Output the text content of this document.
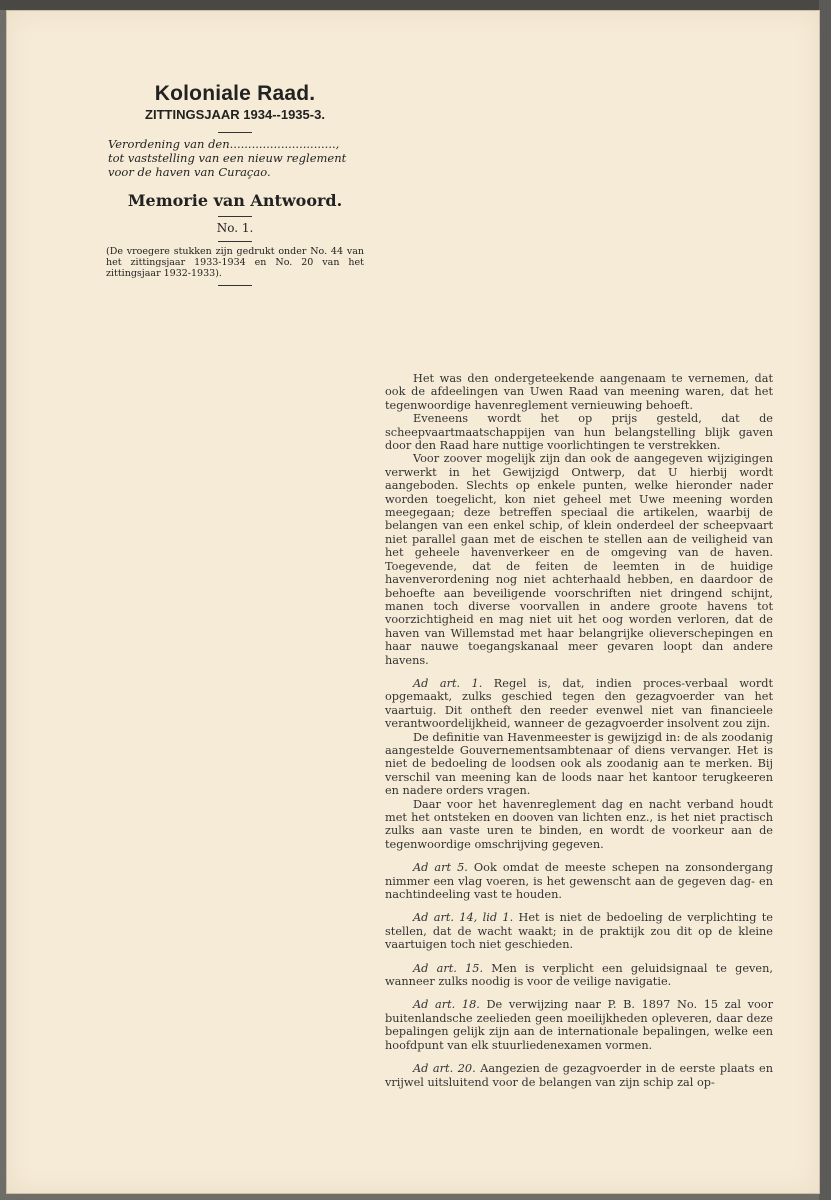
Koloniale Raad.
ZITTINGSJAAR 1934--1935-3.
Verordening van den.............................,
tot vaststelling van een nieuw reglement
voor de haven van Curaçao.
Memorie van Antwoord.
No. 1.
(De vroegere stukken zijn gedrukt onder No. 44 van het zittingsjaar 1933-1934 en No. 20 van het zittingsjaar 1932-1933).

Het was den ondergeteekende aangenaam te vernemen, dat ook de afdeelingen van Uwen Raad van meening waren, dat het tegenwoordige havenreglement vernieuwing behoeft.

Eveneens wordt het op prijs gesteld, dat de scheepvaartmaatschappijen van hun belangstelling blijk gaven door den Raad hare nuttige voorlichtingen te verstrekken.

Voor zoover mogelijk zijn dan ook de aangegeven wijzigingen verwerkt in het Gewijzigd Ontwerp, dat U hierbij wordt aangeboden. Slechts op enkele punten, welke hieronder nader worden toegelicht, kon niet geheel met Uwe meening worden meegegaan; deze betreffen speciaal die artikelen, waarbij de belangen van een enkel schip, of klein onderdeel der scheepvaart niet parallel gaan met de eischen te stellen aan de veiligheid van het geheele havenverkeer en de omgeving van de haven. Toegevende, dat de feiten de leemten in de huidige havenverordening nog niet achterhaald hebben, en daardoor de behoefte aan beveiligende voorschriften niet dringend schijnt, manen toch diverse voorvallen in andere groote havens tot voorzichtigheid en mag niet uit het oog worden verloren, dat de haven van Willemstad met haar belangrijke olieverschepingen en haar nauwe toegangskanaal meer gevaren loopt dan andere havens.

Ad art. 1. Regel is, dat, indien proces-verbaal wordt opgemaakt, zulks geschied tegen den gezagvoerder van het vaartuig. Dit ontheft den reeder evenwel niet van financieele verantwoordelijkheid, wanneer de gezagvoerder insolvent zou zijn.

De definitie van Havenmeester is gewijzigd in: de als zoodanig aangestelde Gouvernementsambtenaar of diens vervanger. Het is niet de bedoeling de loodsen ook als zoodanig aan te merken. Bij verschil van meening kan de loods naar het kantoor terugkeeren en nadere orders vragen.

Daar voor het havenreglement dag en nacht verband houdt met het ontsteken en dooven van lichten enz., is het niet practisch zulks aan vaste uren te binden, en wordt de voorkeur aan de tegenwoordige omschrijving gegeven.

Ad art 5. Ook omdat de meeste schepen na zonsondergang nimmer een vlag voeren, is het gewenscht aan de gegeven dag- en nachtindeeling vast te houden.

Ad art. 14, lid 1. Het is niet de bedoeling de verplichting te stellen, dat de wacht waakt; in de praktijk zou dit op de kleine vaartuigen toch niet geschieden.

Ad art. 15. Men is verplicht een geluidsignaal te geven, wanneer zulks noodig is voor de veilige navigatie.

Ad art. 18. De verwijzing naar P. B. 1897 No. 15 zal voor buitenlandsche zeelieden geen moeilijkheden opleveren, daar deze bepalingen gelijk zijn aan de internationale bepalingen, welke een hoofdpunt van elk stuurliedenexamen vormen.

Ad art. 20. Aangezien de gezagvoerder in de eerste plaats en vrijwel uitsluitend voor de belangen van zijn schip zal op-
